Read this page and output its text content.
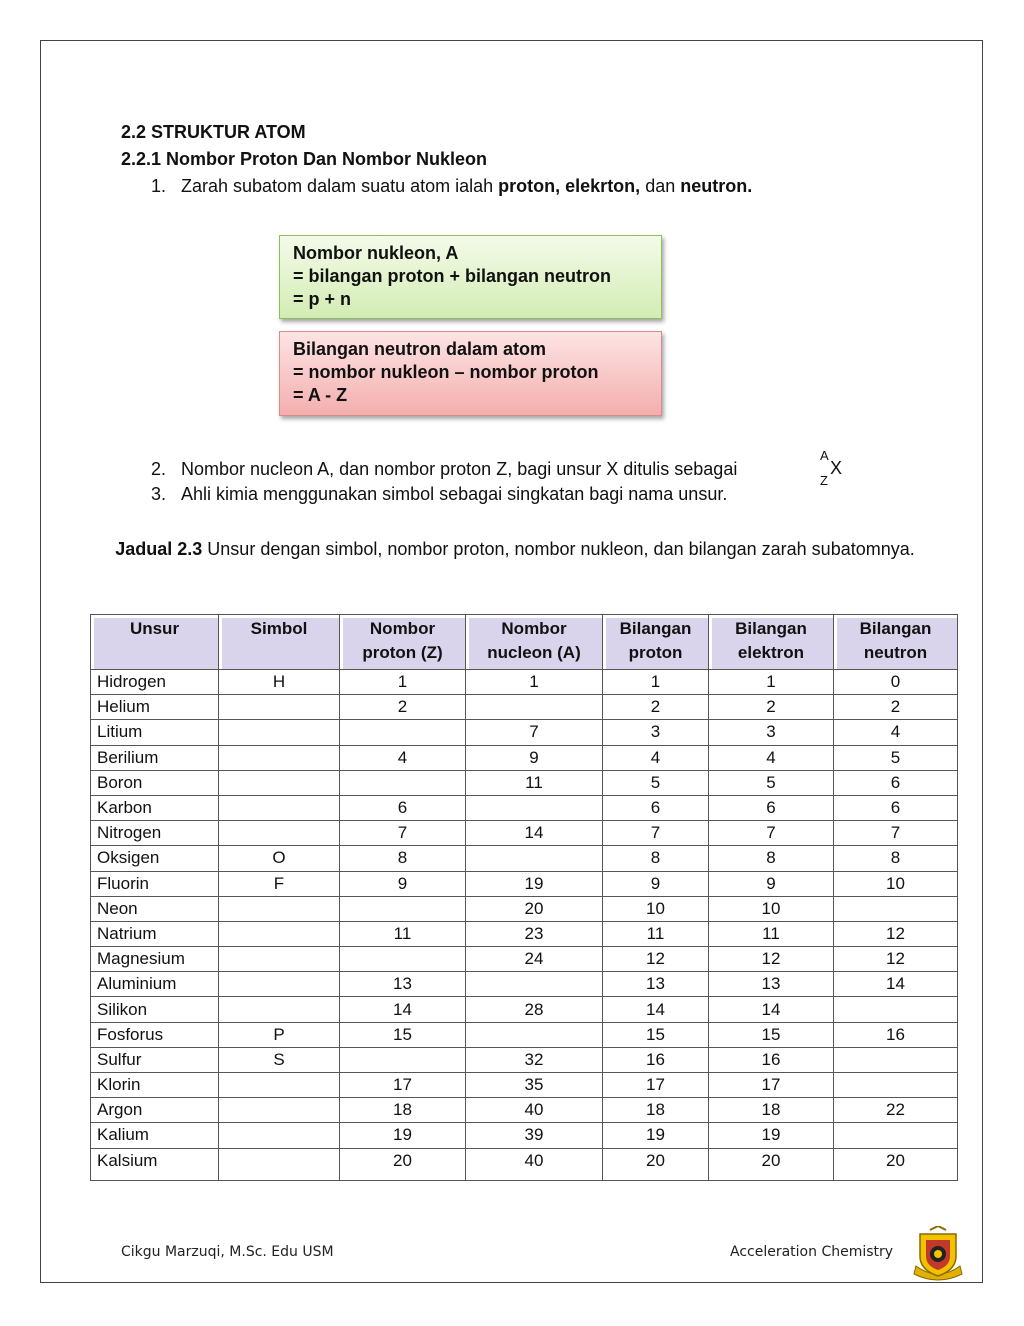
2.2 STRUKTUR ATOM
2.2.1 Nombor Proton Dan Nombor Nukleon
1. Zarah subatom dalam suatu atom ialah proton, elekrton, dan neutron.
Nombor nukleon, A
= bilangan proton + bilangan neutron
= p + n
Bilangan neutron dalam atom
= nombor nukleon – nombor proton
= A - Z
2. Nombor nucleon A, dan nombor proton Z, bagi unsur X ditulis sebagai
A
Z
X
3. Ahli kimia menggunakan simbol sebagai singkatan bagi nama unsur.
Jadual 2.3 Unsur dengan simbol, nombor proton, nombor nukleon, dan bilangan zarah subatomnya.
Unsur	Simbol	Nombor proton (Z)	Nombor nucleon (A)	Bilangan proton	Bilangan elektron	Bilangan neutron
Hidrogen	H	1	1	1	1	0
Helium		2		2	2	2
Litium			7	3	3	4
Berilium		4	9	4	4	5
Boron			11	5	5	6
Karbon		6		6	6	6
Nitrogen		7	14	7	7	7
Oksigen	O	8		8	8	8
Fluorin	F	9	19	9	9	10
Neon			20	10	10	
Natrium		11	23	11	11	12
Magnesium			24	12	12	12
Aluminium		13		13	13	14
Silikon		14	28	14	14	
Fosforus	P	15		15	15	16
Sulfur	S		32	16	16	
Klorin		17	35	17	17	
Argon		18	40	18	18	22
Kalium		19	39	19	19	
Kalsium		20	40	20	20	20
Cikgu Marzuqi, M.Sc. Edu USM	Acceleration Chemistry
